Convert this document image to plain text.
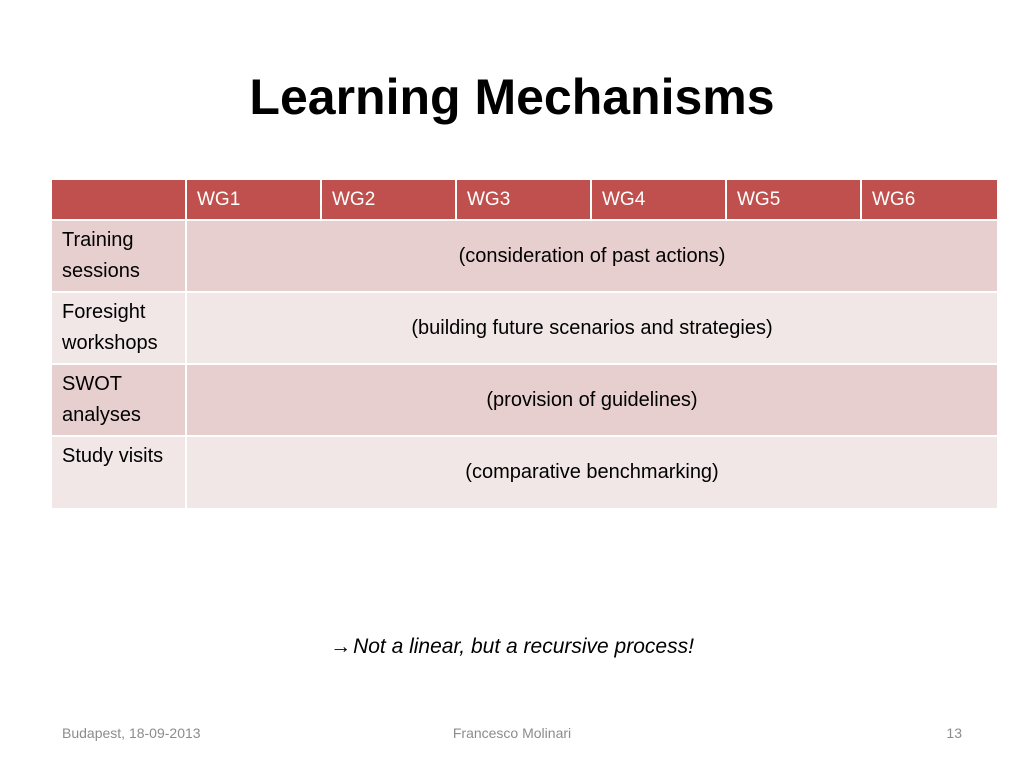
Learning Mechanisms
	WG1	WG2	WG3	WG4	WG5	WG6
Training sessions	(consideration of past actions)					
Foresight workshops	(building future scenarios and strategies)					
SWOT analyses	(provision of guidelines)					
Study visits	(comparative benchmarking)					
→Not a linear, but a recursive process!
Budapest, 18-09-2013	Francesco Molinari	13
